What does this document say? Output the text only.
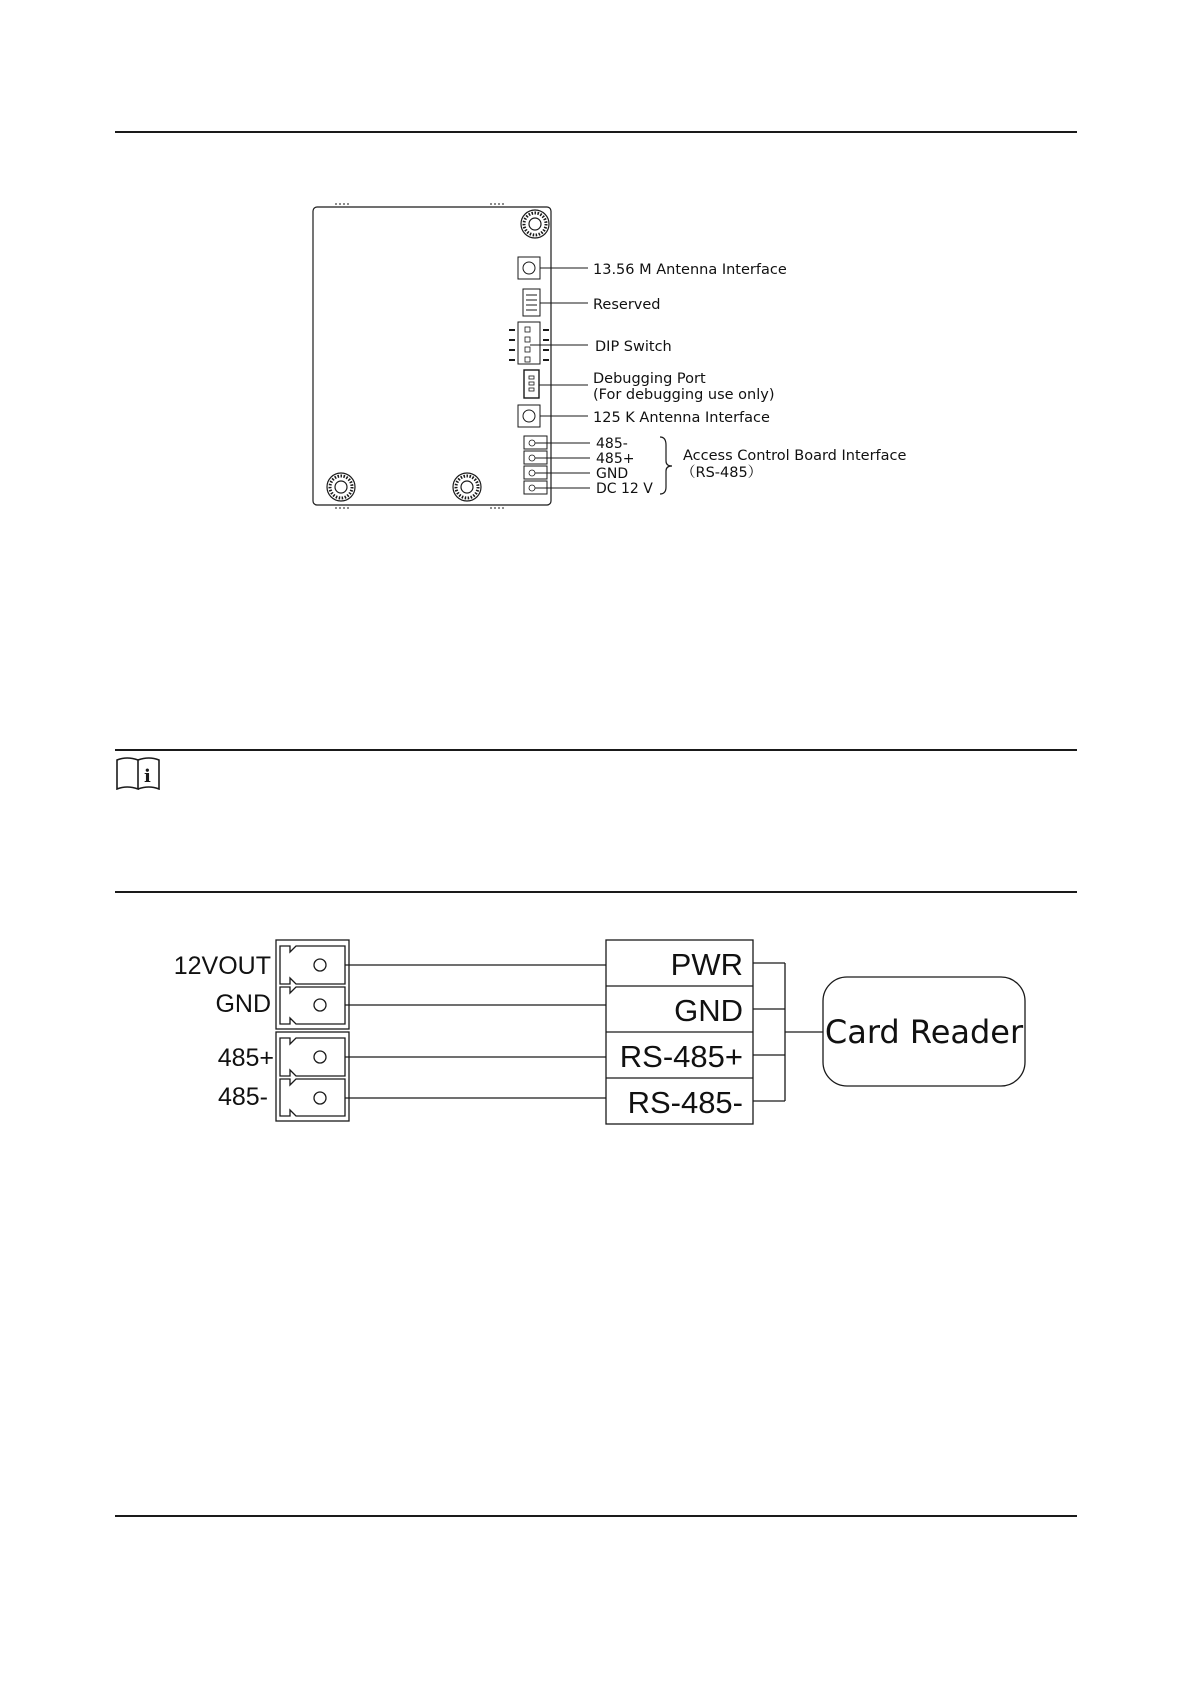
i
13.56 M Antenna Interface
Reserved
DIP Switch
Debugging Port
(For debugging use only)
125 K Antenna Interface
485-
485+
GND
DC 12 V
Access Control Board Interface
（RS-485）
12VOUT
GND
485+
485-
PWR
GND
RS-485+
RS-485-
Card Reader
